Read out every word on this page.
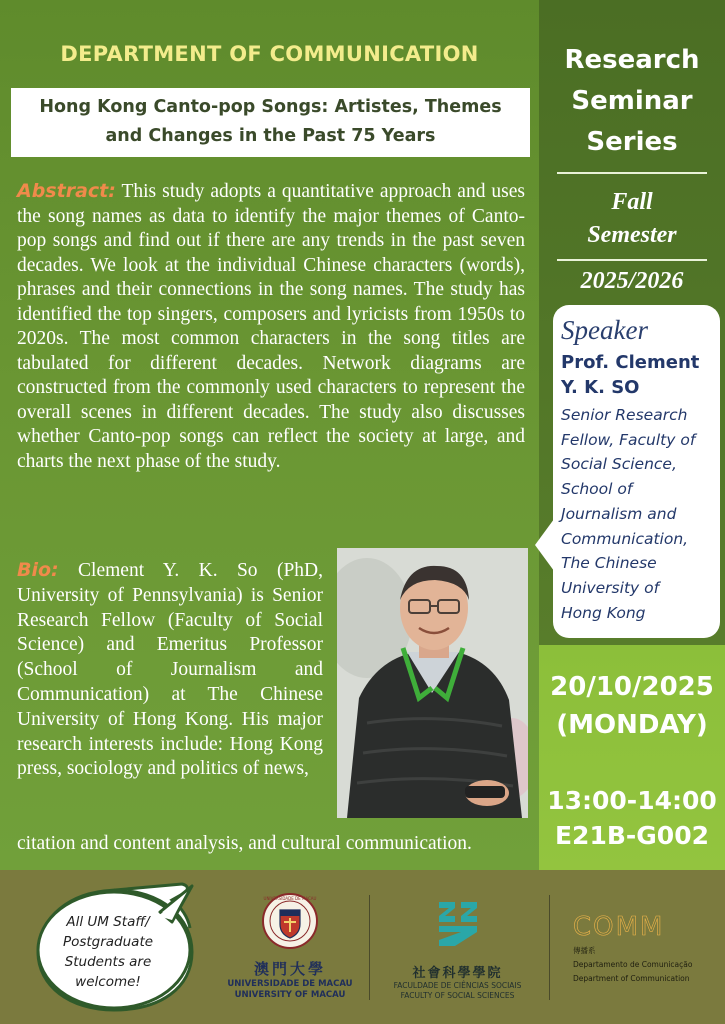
DEPARTMENT OF COMMUNICATION
Hong Kong Canto-pop Songs: Artistes, Themes
and Changes in the Past 75 Years
Abstract: This study adopts a quantitative approach and uses the song names as data to identify the major themes of Canto-pop songs and find out if there are any trends in the past seven decades. We look at the individual Chinese characters (words), phrases and their connections in the song names. The study has identified the top singers, composers and lyricists from 1950s to 2020s. The most common characters in the song titles are tabulated for different decades. Network diagrams are constructed from the commonly used characters to represent the overall scenes in different decades. The study also discusses whether Canto-pop songs can reflect the society at large, and charts the next phase of the study.
Bio: Clement Y. K. So (PhD, University of Pennsylvania) is Senior Research Fellow (Faculty of Social Science) and Emeritus Professor (School of Journalism and Communication) at The Chinese University of Hong Kong. His major research interests include: Hong Kong press, sociology and politics of news,
citation and content analysis, and cultural communication.
Research
Seminar
Series
Fall
Semester
2025/2026
Speaker
Prof. Clement
Y. K. SO
Senior Research
Fellow, Faculty of
Social Science,
School of
Journalism and
Communication,
The Chinese
University of
Hong Kong
20/10/2025
(MONDAY)
13:00-14:00
E21B-G002
All UM Staff/
Postgraduate
Students are
welcome!
UNIVERSIDADE DE MACAU
澳門大學
UNIVERSIDADE DE MACAU
UNIVERSITY OF MACAU
社會科學學院
FACULDADE DE CIÊNCIAS SOCIAIS
FACULTY OF SOCIAL SCIENCES
COMM
傳播系
Departamento de Comunicação
Department of Communication
